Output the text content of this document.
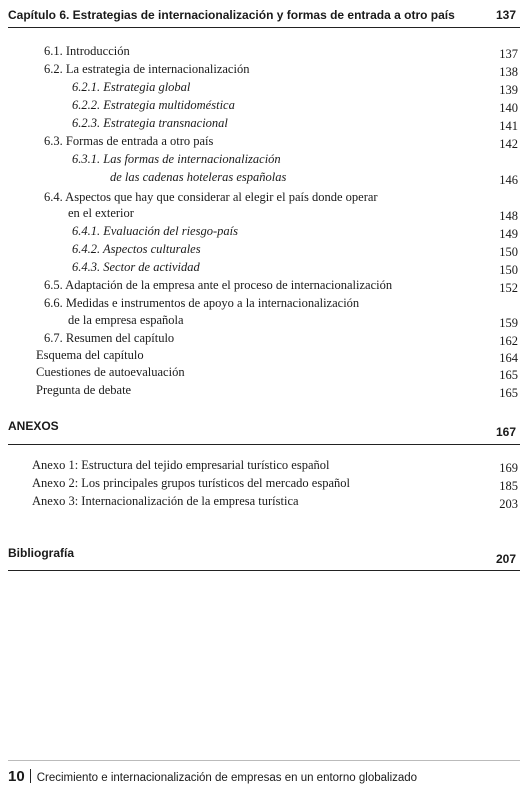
Capítulo 6. Estrategias de internacionalización y formas de entrada a otro país	137
6.1. Introducción	137
6.2. La estrategia de internacionalización	138
6.2.1. Estrategia global	139
6.2.2. Estrategia multidoméstica	140
6.2.3. Estrategia transnacional	141
6.3. Formas de entrada a otro país	142
6.3.1. Las formas de internacionalización
de las cadenas hoteleras españolas	146
6.4. Aspectos que hay que considerar al elegir el país donde operar
en el exterior	148
6.4.1. Evaluación del riesgo-país	149
6.4.2. Aspectos culturales	150
6.4.3. Sector de actividad	150
6.5. Adaptación de la empresa ante el proceso de internacionalización	152
6.6. Medidas e instrumentos de apoyo a la internacionalización
de la empresa española	159
6.7. Resumen del capítulo	162
Esquema del capítulo	164
Cuestiones de autoevaluación	165
Pregunta de debate	165
ANEXOS	167
Anexo 1: Estructura del tejido empresarial turístico español	169
Anexo 2: Los principales grupos turísticos del mercado español	185
Anexo 3: Internacionalización de la empresa turística	203
Bibliografía	207
10 Crecimiento e internacionalización de empresas en un entorno globalizado
